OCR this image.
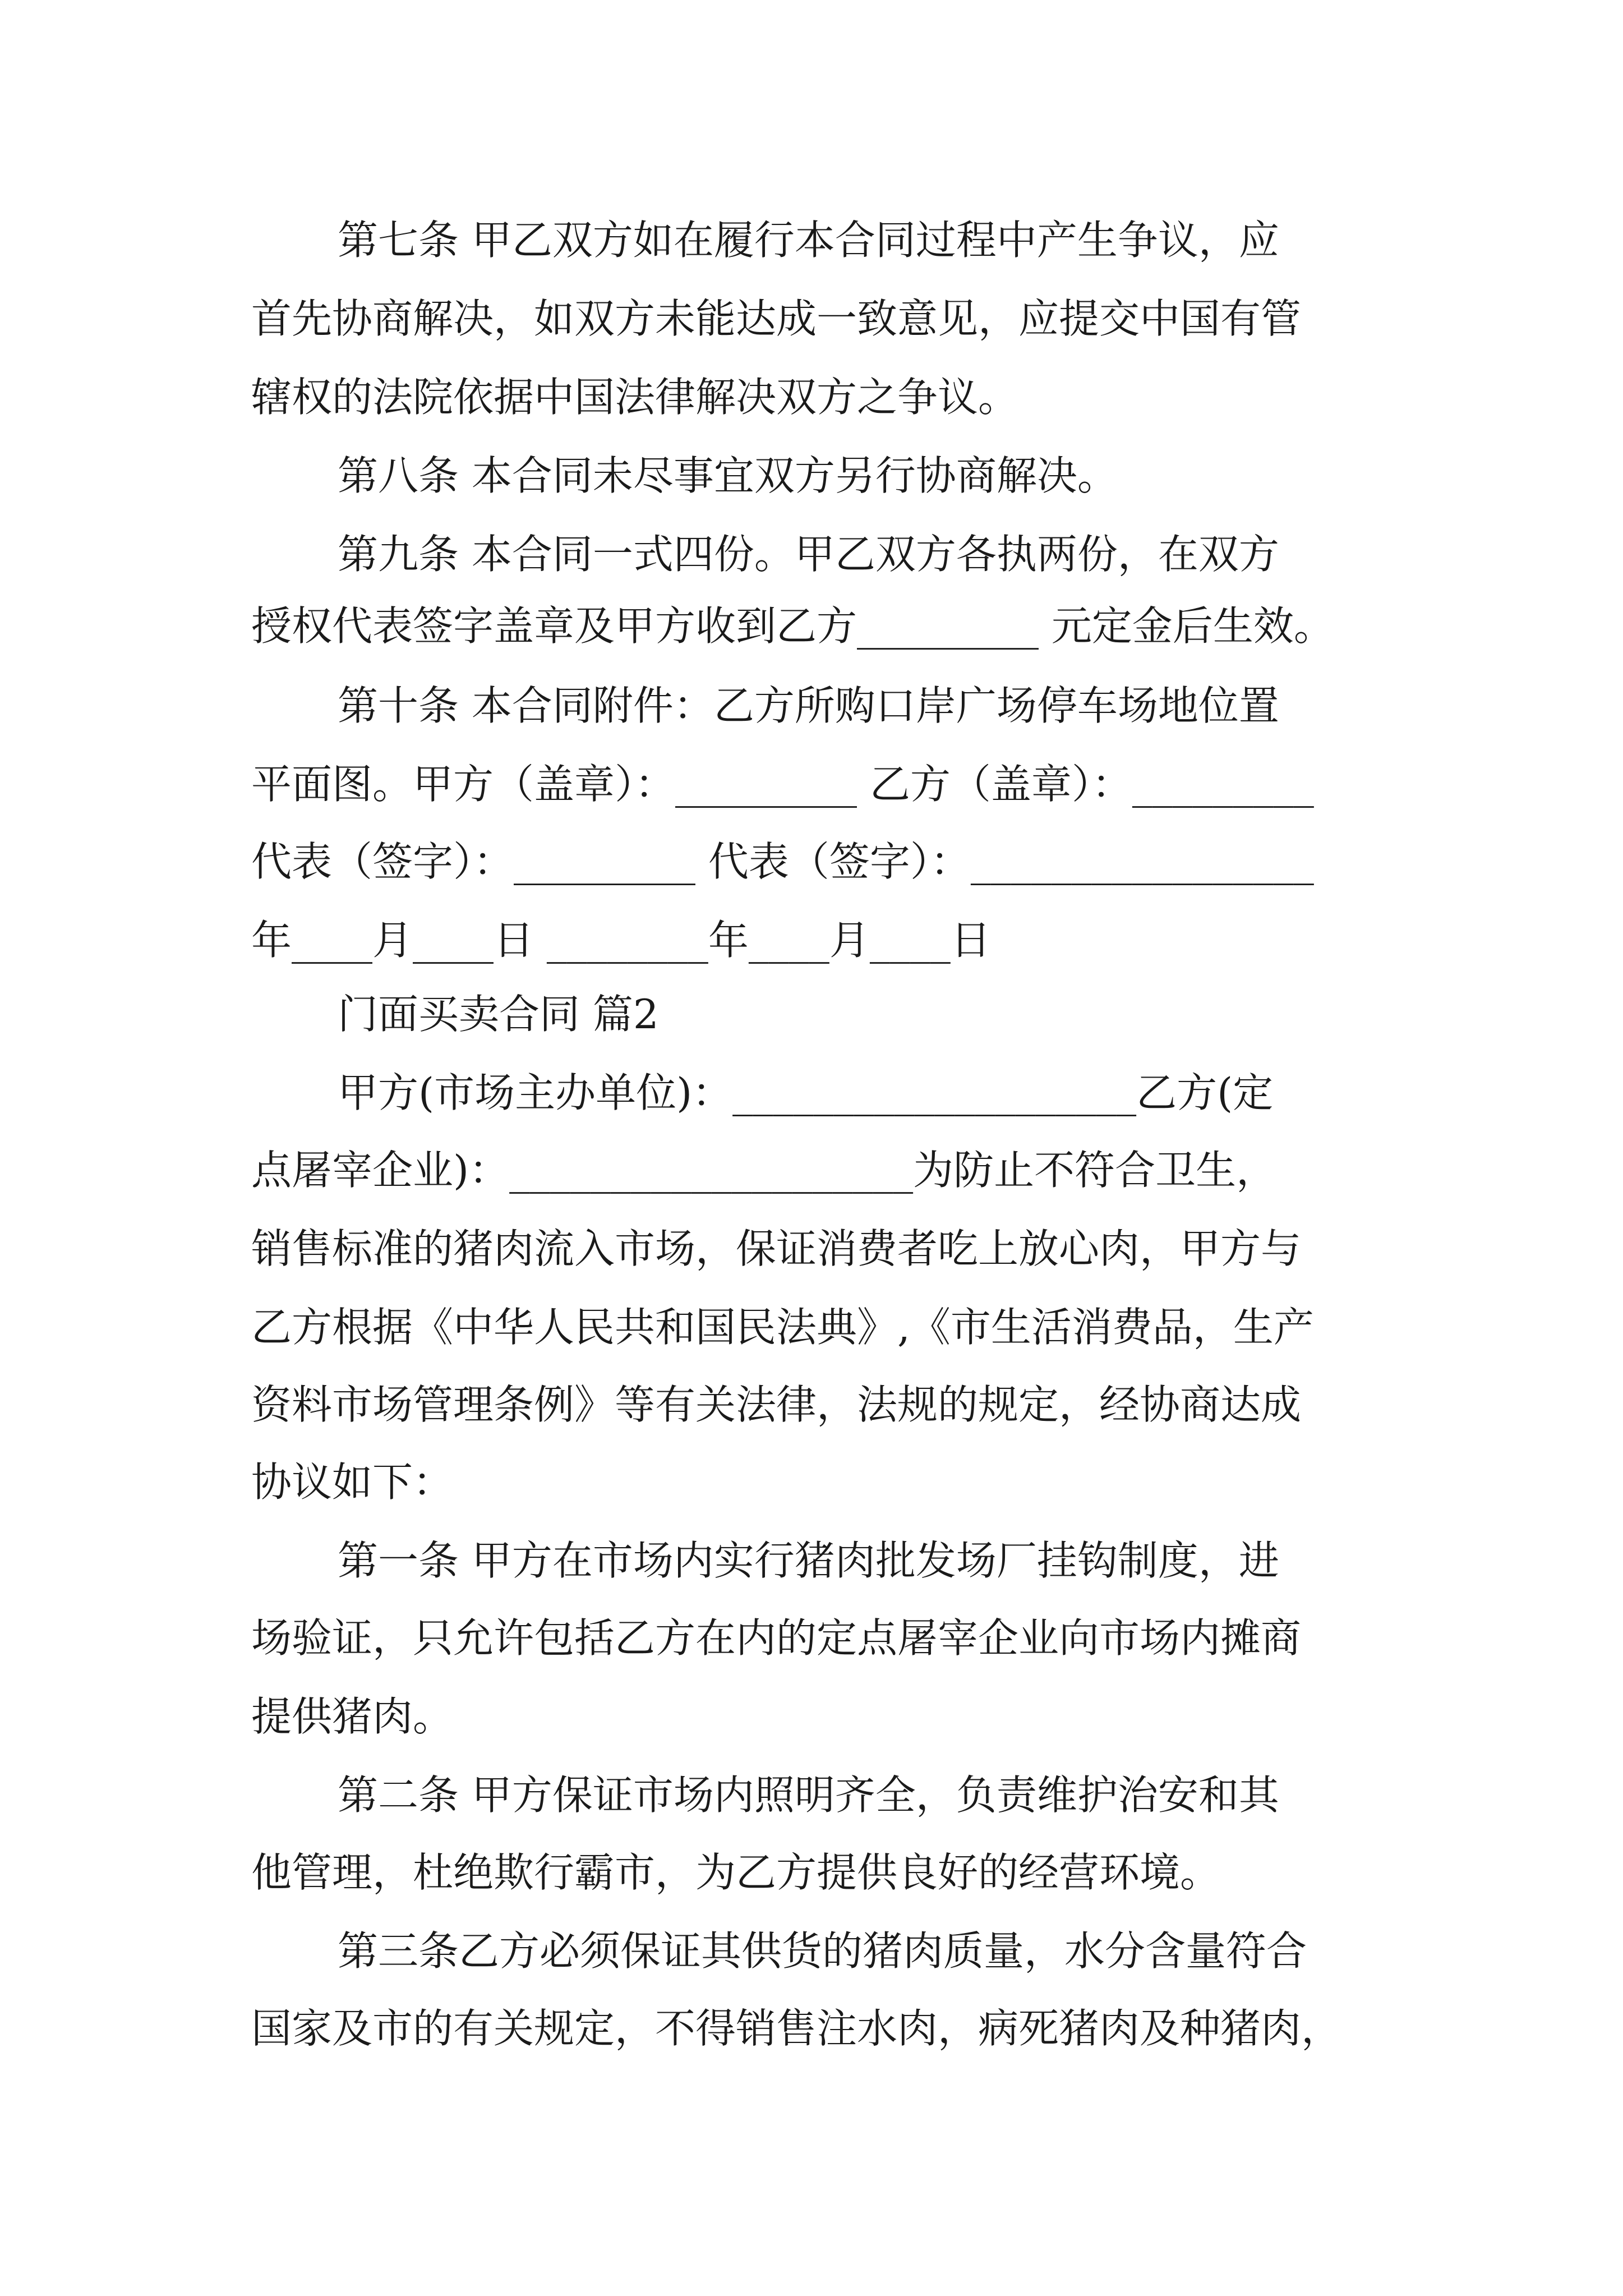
第七条 甲乙双方如在履行本合同过程中产生争议，应

首先协商解决，如双方未能达成一致意见，应提交中国有管

辖权的法院依据中国法律解决双方之争议。

第八条 本合同未尽事宜双方另行协商解决。

第九条 本合同一式四份。甲乙双方各执两份，在双方

授权代表签字盖章及甲方收到乙方_________ 元定金后生效。

第十条 本合同附件：乙方所购口岸广场停车场地位置

平面图。甲方（盖章）：_________ 乙方（盖章）：_________

代表（签字）：_________ 代表（签字）：_________________

年____月____日 ________年____月____日

门面买卖合同 篇2

甲方(市场主办单位)：____________________乙方(定

点屠宰企业)：____________________为防止不符合卫生，

销售标准的猪肉流入市场，保证消费者吃上放心肉，甲方与

乙方根据《中华人民共和国民法典》,《市生活消费品，生产

资料市场管理条例》等有关法律，法规的规定，经协商达成

协议如下：

第一条 甲方在市场内实行猪肉批发场厂挂钩制度，进

场验证，只允许包括乙方在内的定点屠宰企业向市场内摊商

提供猪肉。

第二条 甲方保证市场内照明齐全，负责维护治安和其

他管理，杜绝欺行霸市，为乙方提供良好的经营环境。

第三条乙方必须保证其供货的猪肉质量，水分含量符合

国家及市的有关规定，不得销售注水肉，病死猪肉及种猪肉，
